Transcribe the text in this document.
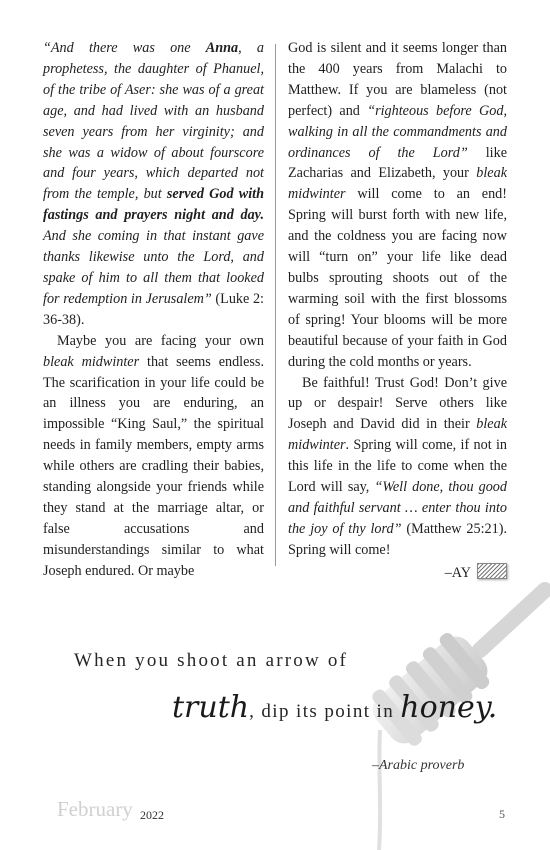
“And there was one Anna, a prophetess, the daughter of Phanuel, of the tribe of Aser: she was of a great age, and had lived with an husband seven years from her virginity; and she was a widow of about fourscore and four years, which departed not from the temple, but served God with fastings and prayers night and day. And she coming in that instant gave thanks likewise unto the Lord, and spake of him to all them that looked for redemption in Jerusalem” (Luke 2: 36-38).

Maybe you are facing your own bleak midwinter that seems endless. The scarification in your life could be an illness you are enduring, an impossible “King Saul,” the spiritual needs in family members, empty arms while others are cradling their babies, standing alongside your friends while they stand at the marriage altar, or false accusations and misunderstandings similar to what Joseph endured. Or maybe

God is silent and it seems longer than the 400 years from Malachi to Matthew. If you are blameless (not perfect) and “righteous before God, walking in all the commandments and ordinances of the Lord” like Zacharias and Elizabeth, your bleak midwinter will come to an end! Spring will burst forth with new life, and the coldness you are facing now will “turn on” your life like dead bulbs sprouting shoots out of the warming soil with the first blossoms of spring! Your blooms will be more beautiful because of your faith in God during the cold months or years.

Be faithful! Trust God! Don’t give up or despair! Serve others like Joseph and David did in their bleak midwinter. Spring will come, if not in this life in the life to come when the Lord will say, “Well done, thou good and faithful servant … enter thou into the joy of thy lord” (Matthew 25:21). Spring will come!

–AY
When you shoot an arrow of
truth, dip its point in honey.
–Arabic proverb
February 2022	5
